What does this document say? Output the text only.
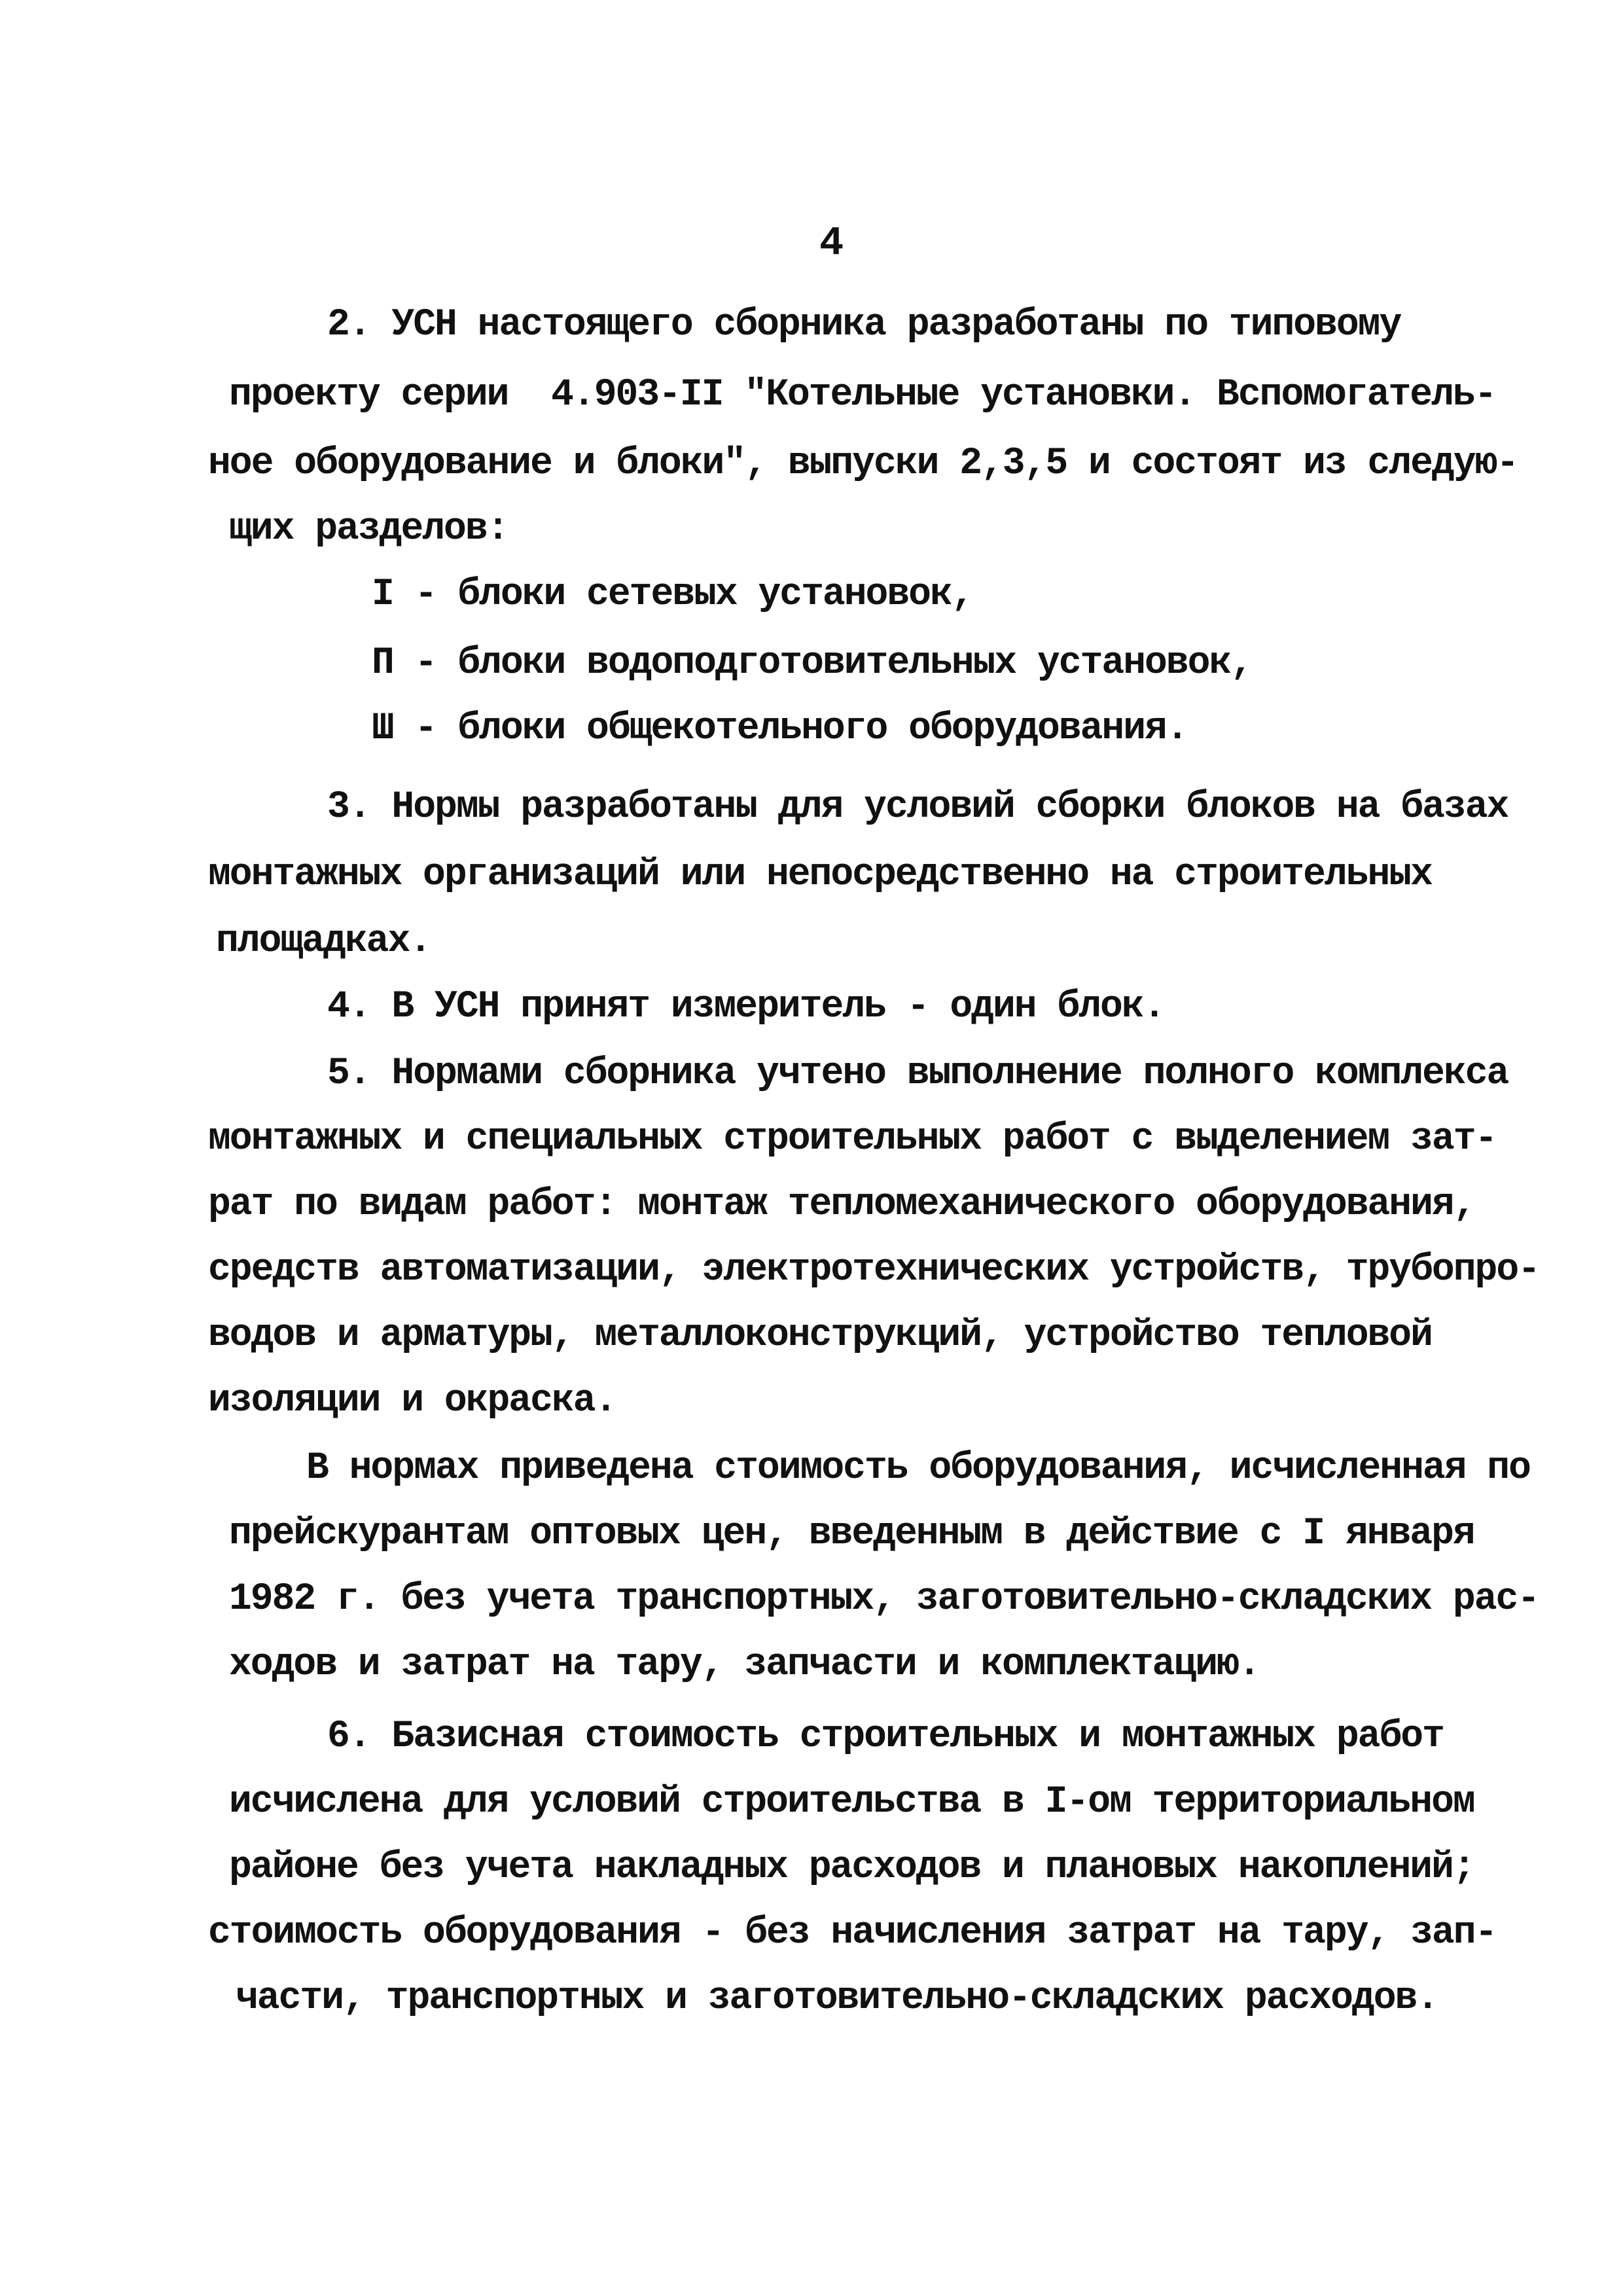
4
2. УСН настоящего сборника разработаны по типовому
проекту серии  4.903-II "Котельные установки. Вспомогатель-
ное оборудование и блоки", выпуски 2,3,5 и состоят из следую-
щих разделов:
I - блоки сетевых установок,
П - блоки водоподготовительных установок,
Ш - блоки общекотельного оборудования.
3. Нормы разработаны для условий сборки блоков на базах
монтажных организаций или непосредственно на строительных
площадках.
4. В УСН принят измеритель - один блок.
5. Нормами сборника учтено выполнение полного комплекса
монтажных и специальных строительных работ с выделением зат-
рат по видам работ: монтаж тепломеханического оборудования,
средств автоматизации, электротехнических устройств, трубопро-
водов и арматуры, металлоконструкций, устройство тепловой
изоляции и окраска.
В нормах приведена стоимость оборудования, исчисленная по
прейскурантам оптовых цен, введенным в действие с I января
1982 г. без учета транспортных, заготовительно-складских рас-
ходов и затрат на тару, запчасти и комплектацию.
6. Базисная стоимость строительных и монтажных работ
исчислена для условий строительства в I-ом территориальном
районе без учета накладных расходов и плановых накоплений;
стоимость оборудования - без начисления затрат на тару, зап-
части, транспортных и заготовительно-складских расходов.
